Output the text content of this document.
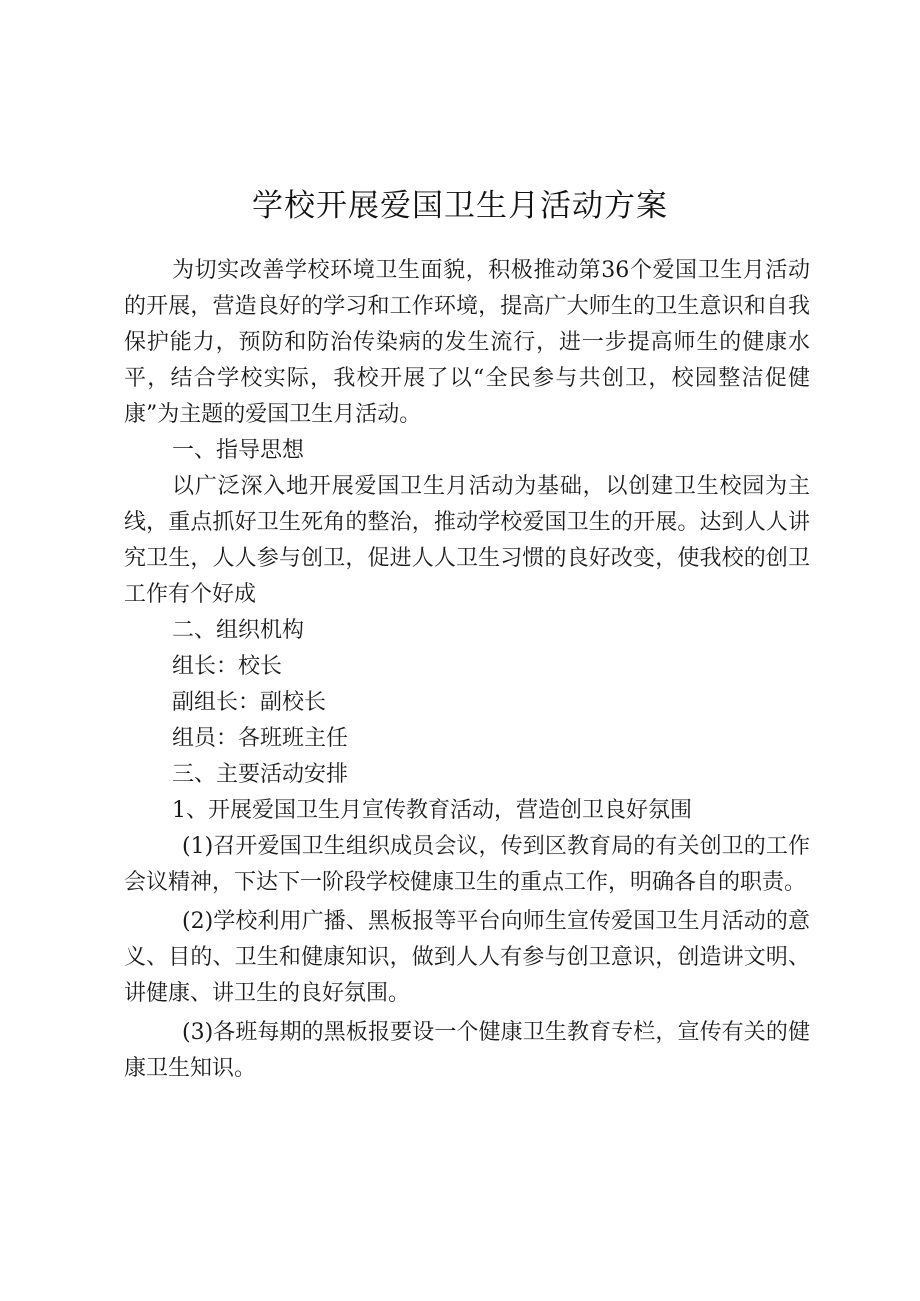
学校开展爱国卫生月活动方案

为切实改善学校环境卫生面貌，积极推动第36个爱国卫生月活动的开展，营造良好的学习和工作环境，提高广大师生的卫生意识和自我保护能力，预防和防治传染病的发生流行，进一步提高师生的健康水平，结合学校实际，我校开展了以“全民参与共创卫，校园整洁促健康”为主题的爱国卫生月活动。

一、指导思想

以广泛深入地开展爱国卫生月活动为基础，以创建卫生校园为主线，重点抓好卫生死角的整治，推动学校爱国卫生的开展。达到人人讲究卫生，人人参与创卫，促进人人卫生习惯的良好改变，使我校的创卫工作有个好成

二、组织机构

组长：校长

副组长：副校长

组员：各班班主任

三、主要活动安排

1、开展爱国卫生月宣传教育活动，营造创卫良好氛围

(1)召开爱国卫生组织成员会议，传到区教育局的有关创卫的工作会议精神，下达下一阶段学校健康卫生的重点工作，明确各自的职责。

(2)学校利用广播、黑板报等平台向师生宣传爱国卫生月活动的意义、目的、卫生和健康知识，做到人人有参与创卫意识，创造讲文明、讲健康、讲卫生的良好氛围。

(3)各班每期的黑板报要设一个健康卫生教育专栏，宣传有关的健康卫生知识。
